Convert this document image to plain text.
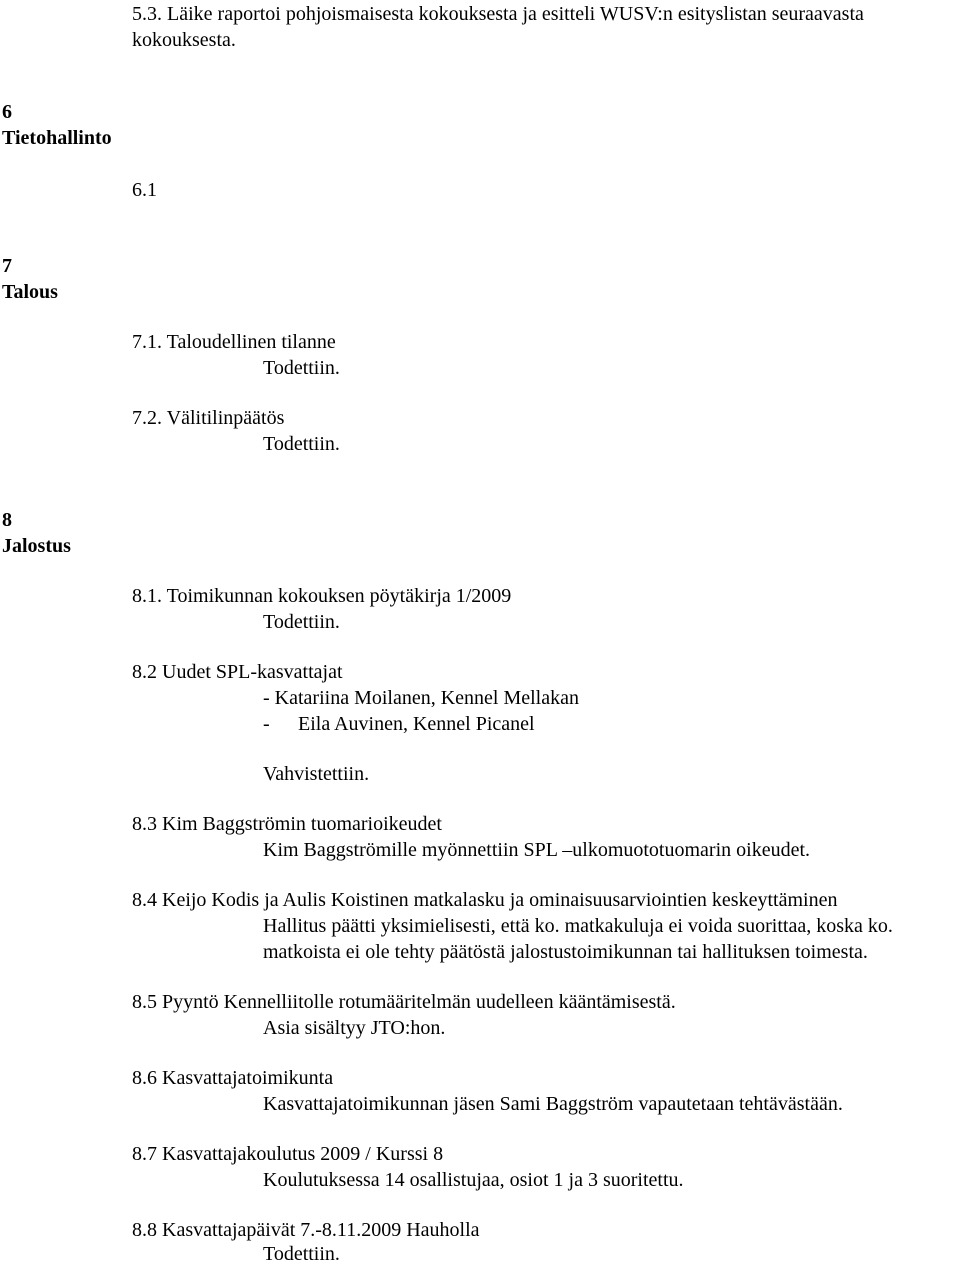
5.3. Läike raportoi pohjoismaisesta kokouksesta ja esitteli WUSV:n esityslistan seuraavasta

kokouksesta.

6

Tietohallinto

6.1

7

Talous

7.1. Taloudellinen tilanne

Todettiin.

7.2. Välitilinpäätös

Todettiin.

8

Jalostus

8.1. Toimikunnan kokouksen pöytäkirja 1/2009

Todettiin.

8.2 Uudet SPL-kasvattajat

- Katariina Moilanen, Kennel Mellakan

- Eila Auvinen, Kennel Picanel

Vahvistettiin.

8.3 Kim Baggströmin tuomarioikeudet

Kim Baggströmille myönnettiin SPL –ulkomuototuomarin oikeudet.

8.4 Keijo Kodis ja Aulis Koistinen matkalasku ja ominaisuusarviointien keskeyttäminen

Hallitus päätti yksimielisesti, että ko. matkakuluja ei voida suorittaa, koska ko.

matkoista ei ole tehty päätöstä jalostustoimikunnan tai hallituksen toimesta.

8.5 Pyyntö Kennelliitolle rotumääritelmän uudelleen kääntämisestä.

Asia sisältyy JTO:hon.

8.6 Kasvattajatoimikunta

Kasvattajatoimikunnan jäsen Sami Baggström vapautetaan tehtävästään.

8.7 Kasvattajakoulutus 2009 / Kurssi 8

Koulutuksessa 14 osallistujaa, osiot 1 ja 3 suoritettu.

8.8 Kasvattajapäivät 7.-8.11.2009 Hauholla

Todettiin.
